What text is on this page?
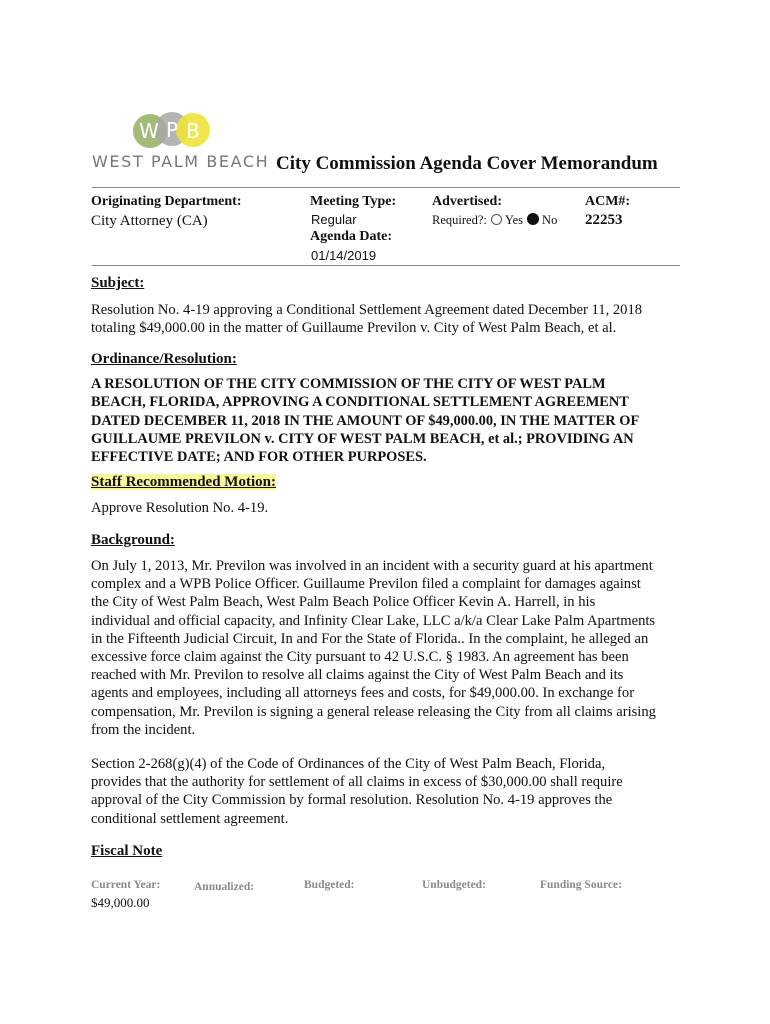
W P B
WEST PALM BEACH City Commission Agenda Cover Memorandum
Originating Department:
City Attorney (CA)
Meeting Type:
Regular
Agenda Date:
01/14/2019
Advertised:
Required?: Yes No
ACM#:
22253
Subject:
Resolution No. 4-19 approving a Conditional Settlement Agreement dated December 11, 2018
totaling $49,000.00 in the matter of Guillaume Previlon v. City of West Palm Beach, et al.
Ordinance/Resolution:
A RESOLUTION OF THE CITY COMMISSION OF THE CITY OF WEST PALM
BEACH, FLORIDA, APPROVING A CONDITIONAL SETTLEMENT AGREEMENT
DATED DECEMBER 11, 2018 IN THE AMOUNT OF $49,000.00, IN THE MATTER OF
GUILLAUME PREVILON v. CITY OF WEST PALM BEACH, et al.; PROVIDING AN
EFFECTIVE DATE; AND FOR OTHER PURPOSES.
Staff Recommended Motion:
Approve Resolution No. 4-19.
Background:
On July 1, 2013, Mr. Previlon was involved in an incident with a security guard at his apartment
complex and a WPB Police Officer. Guillaume Previlon filed a complaint for damages against
the City of West Palm Beach, West Palm Beach Police Officer Kevin A. Harrell, in his
individual and official capacity, and Infinity Clear Lake, LLC a/k/a Clear Lake Palm Apartments
in the Fifteenth Judicial Circuit, In and For the State of Florida.. In the complaint, he alleged an
excessive force claim against the City pursuant to 42 U.S.C. § 1983. An agreement has been
reached with Mr. Previlon to resolve all claims against the City of West Palm Beach and its
agents and employees, including all attorneys fees and costs, for $49,000.00. In exchange for
compensation, Mr. Previlon is signing a general release releasing the City from all claims arising
from the incident.
Section 2-268(g)(4) of the Code of Ordinances of the City of West Palm Beach, Florida,
provides that the authority for settlement of all claims in excess of $30,000.00 shall require
approval of the City Commission by formal resolution. Resolution No. 4-19 approves the
conditional settlement agreement.
Fiscal Note
Current Year:
$49,000.00
Annualized:	Budgeted:	Unbudgeted:	Funding Source:
